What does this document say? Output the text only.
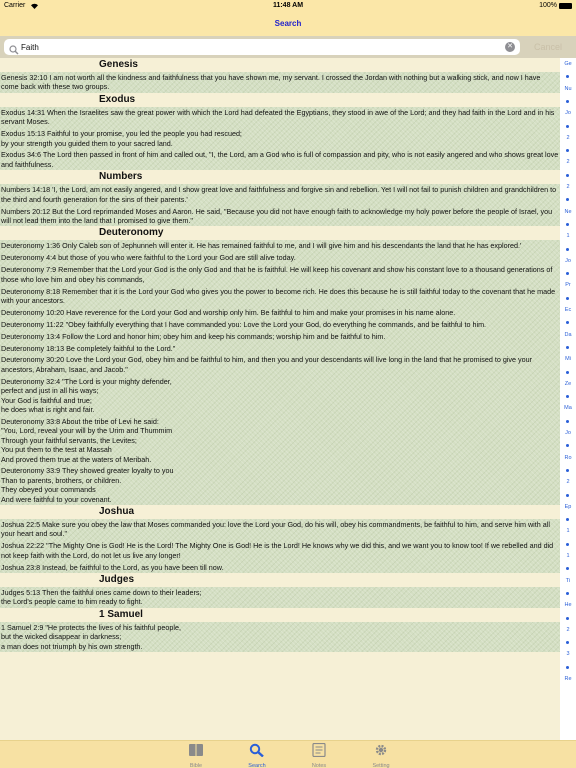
Carrier	11:48 AM	100%
Search
Faith
✕	Cancel
Genesis
Genesis 32:10 I am not worth all the kindness and faithfulness that you have shown me, my servant. I crossed the Jordan with nothing but a walking stick, and now I have come back with these two groups.
Exodus
Exodus 14:31 When the Israelites saw the great power with which the Lord had defeated the Egyptians, they stood in awe of the Lord; and they had faith in the Lord and in his servant Moses.
Exodus 15:13 Faithful to your promise, you led the people you had rescued;
by your strength you guided them to your sacred land.
Exodus 34:6 The Lord then passed in front of him and called out, "I, the Lord, am a God who is full of compassion and pity, who is not easily angered and who shows great love and faithfulness.
Numbers
Numbers 14:18 'I, the Lord, am not easily angered, and I show great love and faithfulness and forgive sin and rebellion. Yet I will not fail to punish children and grandchildren to the third and fourth generation for the sins of their parents.'
Numbers 20:12 But the Lord reprimanded Moses and Aaron. He said, "Because you did not have enough faith to acknowledge my holy power before the people of Israel, you will not lead them into the land that I promised to give them."
Deuteronomy
Deuteronomy 1:36 Only Caleb son of Jephunneh will enter it. He has remained faithful to me, and I will give him and his descendants the land that he has explored.'
Deuteronomy 4:4 but those of you who were faithful to the Lord your God are still alive today.
Deuteronomy 7:9 Remember that the Lord your God is the only God and that he is faithful. He will keep his covenant and show his constant love to a thousand generations of those who love him and obey his commands,
Deuteronomy 8:18 Remember that it is the Lord your God who gives you the power to become rich. He does this because he is still faithful today to the covenant that he made with your ancestors.
Deuteronomy 10:20 Have reverence for the Lord your God and worship only him. Be faithful to him and make your promises in his name alone.
Deuteronomy 11:22 "Obey faithfully everything that I have commanded you: Love the Lord your God, do everything he commands, and be faithful to him.
Deuteronomy 13:4 Follow the Lord and honor him; obey him and keep his commands; worship him and be faithful to him.
Deuteronomy 18:13 Be completely faithful to the Lord."
Deuteronomy 30:20 Love the Lord your God, obey him and be faithful to him, and then you and your descendants will live long in the land that he promised to give your ancestors, Abraham, Isaac, and Jacob."
Deuteronomy 32:4 "The Lord is your mighty defender,
perfect and just in all his ways;
Your God is faithful and true;
he does what is right and fair.
Deuteronomy 33:8 About the tribe of Levi he said:
"You, Lord, reveal your will by the Urim and Thummim
Through your faithful servants, the Levites;
You put them to the test at Massah
And proved them true at the waters of Meribah.
Deuteronomy 33:9 They showed greater loyalty to you
Than to parents, brothers, or children.
They obeyed your commands
And were faithful to your covenant.
Joshua
Joshua 22:5 Make sure you obey the law that Moses commanded you: love the Lord your God, do his will, obey his commandments, be faithful to him, and serve him with all your heart and soul."
Joshua 22:22 "The Mighty One is God! He is the Lord! The Mighty One is God! He is the Lord! He knows why we did this, and we want you to know too! If we rebelled and did not keep faith with the Lord, do not let us live any longer!
Joshua 23:8 Instead, be faithful to the Lord, as you have been till now.
Judges
Judges 5:13 Then the faithful ones came down to their leaders;
the Lord's people came to him ready to fight.
1 Samuel
1 Samuel 2:9 "He protects the lives of his faithful people,
but the wicked disappear in darkness;
a man does not triumph by his own strength.
Ge
Nu
Jo
2
2
2
Ne
1
Jo
Pr
Ec
Da
Mi
Ze
Ma
Jo
Ro
2
Ep
1
1
Ti
He
2
3
Re
Bible	Search	Notes	Setting
